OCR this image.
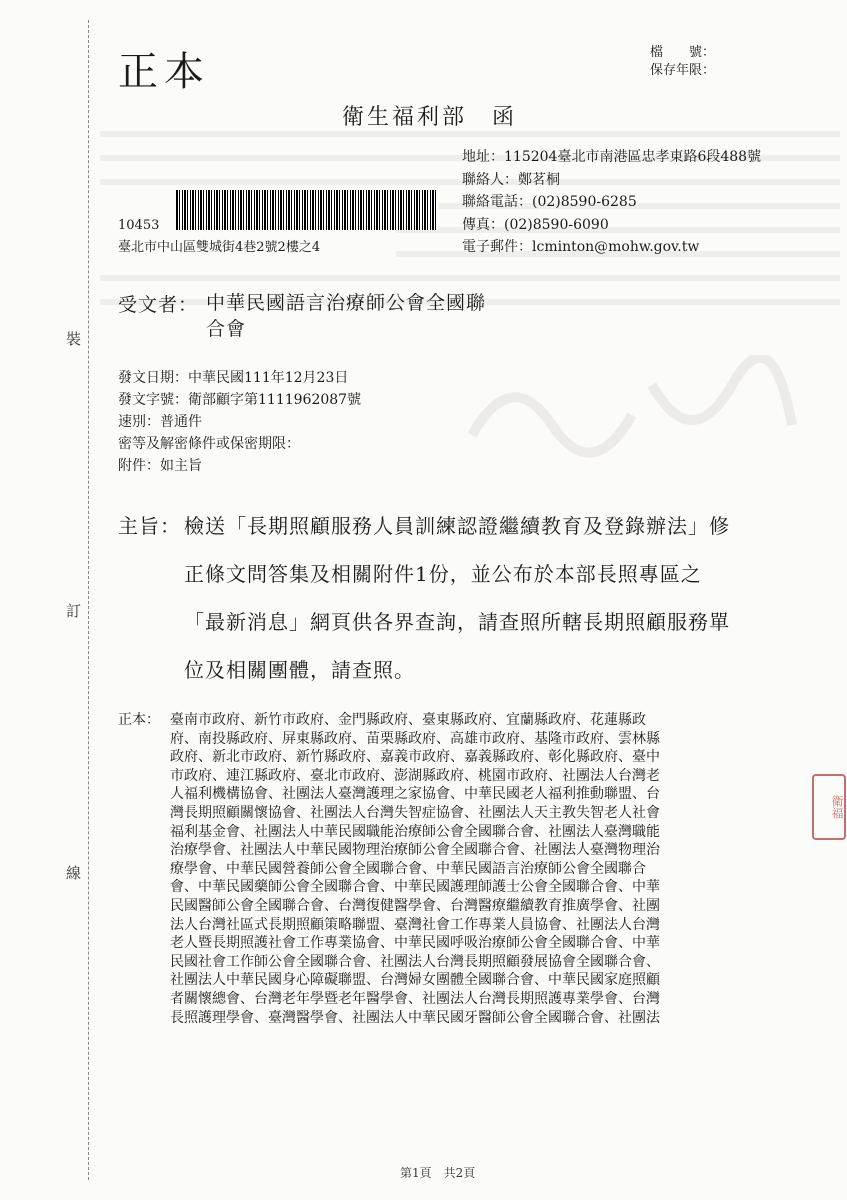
裝
訂
線
正本	檔　　號：
保存年限：
衛生福利部　函
地址：115204臺北市南港區忠孝東路6段488號
聯絡人：鄭茗桐
聯絡電話：(02)8590-6285
傳真：(02)8590-6090
電子郵件：lcminton@mohw.gov.tw
10453
臺北市中山區雙城街4巷2號2樓之4
受文者： 中華民國語言治療師公會全國聯
合會
發文日期：中華民國111年12月23日
發文字號：衛部顧字第1111962087號
速別：普通件
密等及解密條件或保密期限：
附件：如主旨
主旨： 檢送「長期照顧服務人員訓練認證繼續教育及登錄辦法」修
正條文問答集及相關附件1份，並公布於本部長照專區之
「最新消息」網頁供各界查詢，請查照所轄長期照顧服務單
位及相關團體，請查照。
正本： 臺南市政府、新竹市政府、金門縣政府、臺東縣政府、宜蘭縣政府、花蓮縣政
府、南投縣政府、屏東縣政府、苗栗縣政府、高雄市政府、基隆市政府、雲林縣
政府、新北市政府、新竹縣政府、嘉義市政府、嘉義縣政府、彰化縣政府、臺中
市政府、連江縣政府、臺北市政府、澎湖縣政府、桃園市政府、社團法人台灣老
人福利機構協會、社團法人臺灣護理之家協會、中華民國老人福利推動聯盟、台
灣長期照顧關懷協會、社團法人台灣失智症協會、社團法人天主教失智老人社會
福利基金會、社團法人中華民國職能治療師公會全國聯合會、社團法人臺灣職能
治療學會、社團法人中華民國物理治療師公會全國聯合會、社團法人臺灣物理治
療學會、中華民國營養師公會全國聯合會、中華民國語言治療師公會全國聯合
會、中華民國藥師公會全國聯合會、中華民國護理師護士公會全國聯合會、中華
民國醫師公會全國聯合會、台灣復健醫學會、台灣醫療繼續教育推廣學會、社團
法人台灣社區式長期照顧策略聯盟、臺灣社會工作專業人員協會、社團法人台灣
老人暨長期照護社會工作專業協會、中華民國呼吸治療師公會全國聯合會、中華
民國社會工作師公會全國聯合會、社團法人台灣長期照顧發展協會全國聯合會、
社團法人中華民國身心障礙聯盟、台灣婦女團體全國聯合會、中華民國家庭照顧
者關懷總會、台灣老年學暨老年醫學會、社團法人台灣長期照護專業學會、台灣
長照護理學會、臺灣醫學會、社團法人中華民國牙醫師公會全國聯合會、社團法
衛福
第1頁　共2頁
